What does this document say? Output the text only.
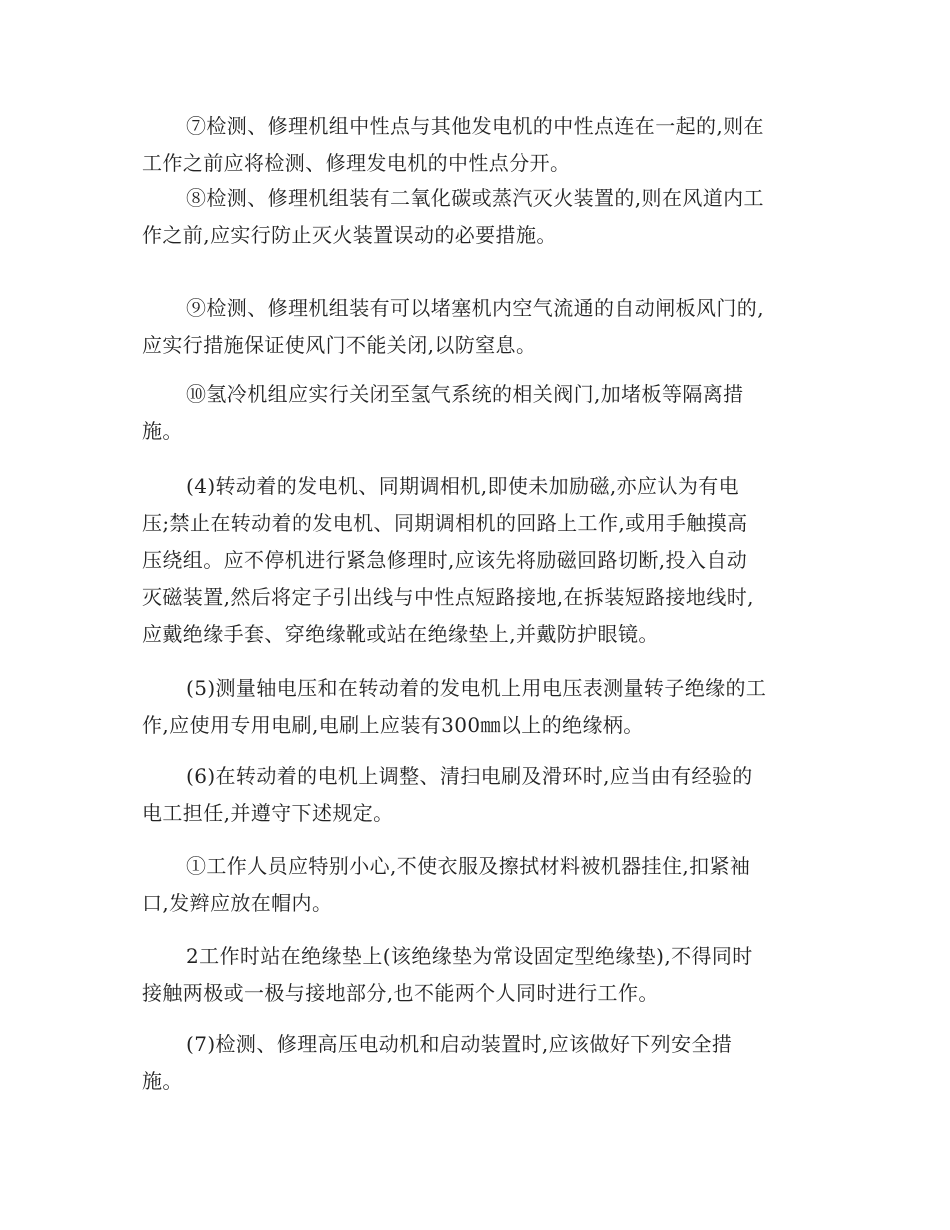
⑦检测、修理机组中性点与其他发电机的中性点连在一起的,则在
工作之前应将检测、修理发电机的中性点分开。
⑧检测、修理机组装有二氧化碳或蒸汽灭火装置的,则在风道内工
作之前,应实行防止灭火装置误动的必要措施。
⑨检测、修理机组装有可以堵塞机内空气流通的自动闸板风门的,
应实行措施保证使风门不能关闭,以防窒息。
⑩氢冷机组应实行关闭至氢气系统的相关阀门,加堵板等隔离措
施。
(4)转动着的发电机、同期调相机,即使未加励磁,亦应认为有电
压;禁止在转动着的发电机、同期调相机的回路上工作,或用手触摸高
压绕组。应不停机进行紧急修理时,应该先将励磁回路切断,投入自动
灭磁装置,然后将定子引出线与中性点短路接地,在拆装短路接地线时,
应戴绝缘手套、穿绝缘靴或站在绝缘垫上,并戴防护眼镜。
(5)测量轴电压和在转动着的发电机上用电压表测量转子绝缘的工
作,应使用专用电刷,电刷上应装有300㎜以上的绝缘柄。
(6)在转动着的电机上调整、清扫电刷及滑环时,应当由有经验的
电工担任,并遵守下述规定。
①工作人员应特别小心,不使衣服及擦拭材料被机器挂住,扣紧袖
口,发辫应放在帽内。
2工作时站在绝缘垫上(该绝缘垫为常设固定型绝缘垫),不得同时
接触两极或一极与接地部分,也不能两个人同时进行工作。
(7)检测、修理高压电动机和启动装置时,应该做好下列安全措
施。
